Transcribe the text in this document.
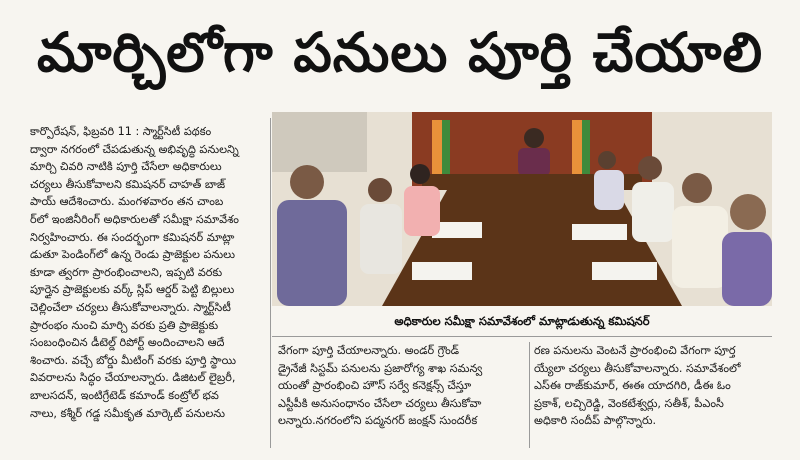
మార్చిలోగా పనులు పూర్తి చేయాలి

కార్పొరేషన్, ఫిబ్రవరి 11 : స్మార్ట్‌సిటీ పథకం

ద్వారా నగరంలో చేపడుతున్న అభివృద్ధి పనులన్ని

మార్చి చివరి నాటికి పూర్తి చేసేలా అధికారులు

చర్యలు తీసుకోవాలని కమిషనర్ చాహత్ బాజ్

పాయ్ ఆదేశించారు. మంగళవారం తన చాంబ

ర్‌లో ఇంజినీరింగ్ అధికారులతో సమీక్షా సమావేశం

నిర్వహించారు. ఈ సందర్భంగా కమిషనర్ మాట్లా

డుతూ పెండింగ్‌లో ఉన్న రెండు ప్రాజెక్టుల పనులు

కూడా త్వరగా ప్రారంభించాలని, ఇప్పటి వరకు

పూర్తైన ప్రాజెక్టులకు వర్క్ స్లిప్ ఆర్డర్ పెట్టి బిల్లులు

చెల్లించేలా చర్యలు తీసుకోవాలన్నారు. స్మార్ట్‌సిటీ

ప్రారంభం నుంచి మార్చి వరకు ప్రతి ప్రాజెక్టుకు

సంబంధించిన డీటెల్డ్ రిపోర్ట్ అందించాలని ఆదే

శించారు. వచ్చే బోర్డు మీటింగ్ వరకు పూర్తి స్థాయి

వివరాలను సిద్ధం చేయాలన్నారు. డిజిటల్ లైబ్రరీ,

బాలసదన్, ఇంటిగ్రేటెడ్ కమాండ్ కంట్రోల్ భవ

నాలు, కశ్మీర్ గడ్డ సమీకృత మార్కెట్ పనులను

అధికారుల సమీక్షా సమావేశంలో మాట్లాడుతున్న కమిషనర్

వేగంగా పూర్తి చేయాలన్నారు. అండర్ గ్రౌండ్

డ్రైనేజీ సిస్టమ్ పనులను ప్రజారోగ్య శాఖ సమన్వ

యంతో ప్రారంభించి హౌస్ సర్వే కనెక్షన్స్ చేస్తూ

ఎస్టీపీకి అనుసంధానం చేసేలా చర్యలు తీసుకోవా

లన్నారు.నగరంలోని పద్మనగర్ జంక్షన్ సుందరీక

రణ పనులను వెంటనే ప్రారంభించి వేగంగా పూర్త

య్యేలా చర్యలు తీసుకోవాలన్నారు. సమావేశంలో

ఎస్‌ఈ రాజ్‌కుమార్, ఈఈ యాదగిరి, డీఈ ఓం

ప్రకాశ్, లచ్చిరెడ్డి, వెంకటేశ్వర్లు, సతీశ్, పీఎంసీ

అధికారి సందీప్ పాల్గొన్నారు.
